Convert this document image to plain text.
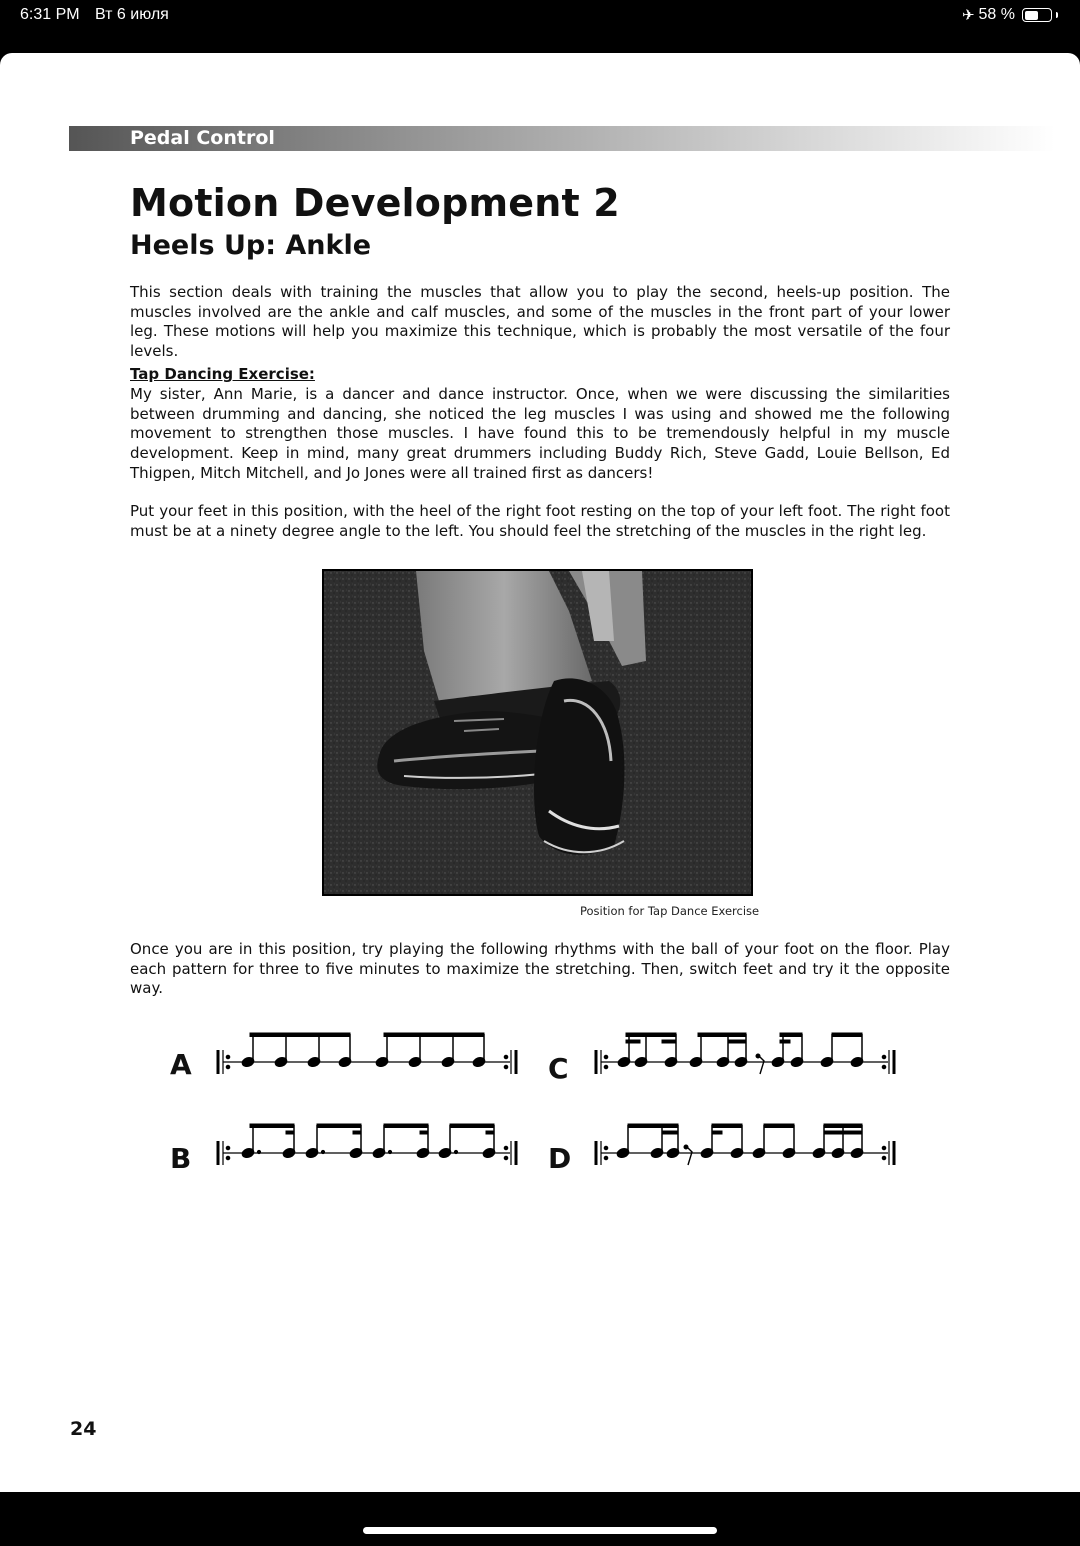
6:31 PM Вт 6 июля	✈ 58 %
Pedal Control
Motion Development 2
Heels Up: Ankle

This section deals with training the muscles that allow you to play the second, heels-up position. The muscles involved are the ankle and calf muscles, and some of the muscles in the front part of your lower leg. These motions will help you maximize this technique, which is probably the most versatile of the four levels.

Tap Dancing Exercise:

My sister, Ann Marie, is a dancer and dance instructor. Once, when we were discussing the similarities between drumming and dancing, she noticed the leg muscles I was using and showed me the following movement to strengthen those muscles. I have found this to be tremendously helpful in my muscle development. Keep in mind, many great drummers including Buddy Rich, Steve Gadd, Louie Bellson, Ed Thigpen, Mitch Mitchell, and Jo Jones were all trained first as dancers!

Put your feet in this position, with the heel of the right foot resting on the top of your left foot. The right foot must be at a ninety degree angle to the left. You should feel the stretching of the muscles in the right leg.

Position for Tap Dance Exercise

Once you are in this position, try playing the following rhythms with the ball of your foot on the floor. Play each pattern for three to five minutes to maximize the stretching. Then, switch feet and try it the opposite way.

A	C
B	D
24
